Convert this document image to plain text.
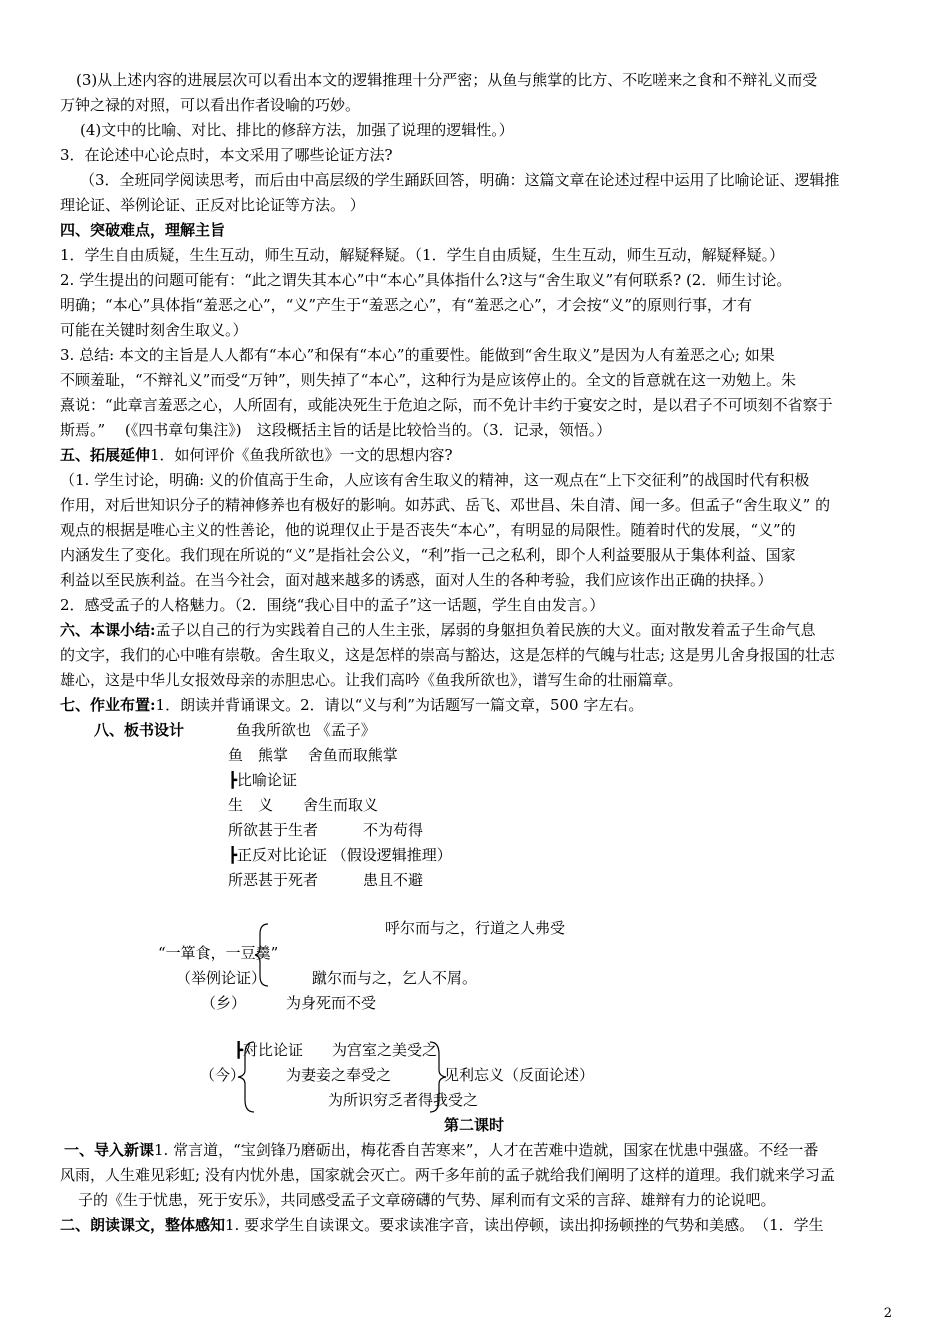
(3)从上述内容的进展层次可以看出本文的逻辑推理十分严密；从鱼与熊掌的比方、不吃嗟来之食和不辩礼义而受
万钟之禄的对照，可以看出作者设喻的巧妙。
(4)文中的比喻、对比、排比的修辞方法，加强了说理的逻辑性。）
3．在论述中心论点时，本文采用了哪些论证方法?
（3．全班同学阅读思考，而后由中高层级的学生踊跃回答，明确：这篇文章在论述过程中运用了比喻论证、逻辑推
理论证、举例论证、正反对比论证等方法。 ）
四、突破难点，理解主旨
1．学生自由质疑，生生互动，师生互动，解疑释疑。（1．学生自由质疑，生生互动，师生互动，解疑释疑。）
2. 学生提出的问题可能有：“此之谓失其本心”中“本心”具体指什么?这与“舍生取义”有何联系? (2．师生讨论。
明确；“本心”具体指“羞恶之心”，“义”产生于“羞恶之心”，有“羞恶之心”，才会按“义”的原则行事，才有
可能在关键时刻舍生取义。）
3. 总结: 本文的主旨是人人都有“本心”和保有“本心”的重要性。能做到“舍生取义”是因为人有羞恶之心; 如果
不顾羞耻，“不辩礼义”而受“万钟”，则失掉了“本心”，这种行为是应该停止的。全文的旨意就在这一劝勉上。朱
熹说：“此章言羞恶之心，人所固有，或能决死生于危迫之际，而不免计丰约于宴安之时，是以君子不可顷刻不省察于
斯焉。”　 (《四书章句集注》)　这段概括主旨的话是比较恰当的。（3．记录，领悟。）
五、拓展延伸1．如何评价《鱼我所欲也》一文的思想内容?
（1. 学生讨论，明确: 义的价值高于生命，人应该有舍生取义的精神，这一观点在“上下交征利”的战国时代有积极
作用，对后世知识分子的精神修养也有极好的影响。如苏武、岳飞、邓世昌、朱自清、闻一多。但孟子“舍生取义” 的
观点的根据是唯心主义的性善论，他的说理仅止于是否丧失“本心”，有明显的局限性。随着时代的发展，“义”的
内涵发生了变化。我们现在所说的“义”是指社会公义，“利”指一己之私利，即个人利益要服从于集体利益、国家
利益以至民族利益。在当今社会，面对越来越多的诱惑，面对人生的各种考验，我们应该作出正确的抉择。）
2．感受孟子的人格魅力。（2．围绕“我心目中的孟子”这一话题，学生自由发言。）
六、本课小结:孟子以自己的行为实践着自己的人生主张，孱弱的身躯担负着民族的大义。面对散发着孟子生命气息
的文字，我们的心中唯有崇敬。舍生取义，这是怎样的崇高与豁达，这是怎样的气魄与壮志; 这是男儿舍身报国的壮志
雄心，这是中华儿女报效母亲的赤胆忠心。让我们高吟《鱼我所欲也》，谱写生命的壮丽篇章。
七、作业布置:1．朗读并背诵课文。2．请以“义与利”为话题写一篇文章，500 字左右。
八、板书设计	鱼我所欲也 《孟子》
鱼　熊掌　 舍鱼而取熊掌
┣比喻论证
生　义　　舍生而取义
所欲甚于生者　　　不为苟得
┣正反对比论证 （假设逻辑推理）
所恶甚于死者　　　患且不避
呼尔而与之，行道之人弗受
“一箪食，一豆羹”
（举例论证）	蹴尔而与之，乞人不屑。
（乡）	为身死而不受
┣对比论证 为宫室之美受之
（今）	为妻妾之奉受之	见利忘义（反面论述）
为所识穷乏者得我受之
第二课时
一、导入新课1. 常言道，“宝剑锋乃磨砺出，梅花香自苦寒来”，人才在苦难中造就，国家在忧患中强盛。不经一番
风雨，人生难见彩虹; 没有内忧外患，国家就会灭亡。两千多年前的孟子就给我们阐明了这样的道理。我们就来学习孟
子的《生于忧患，死于安乐》，共同感受孟子文章磅礴的气势、犀利而有文采的言辞、雄辩有力的论说吧。
二、朗读课文，整体感知1. 要求学生自读课文。要求读准字音，读出停顿，读出抑扬顿挫的气势和美感。　（1．学生
2
